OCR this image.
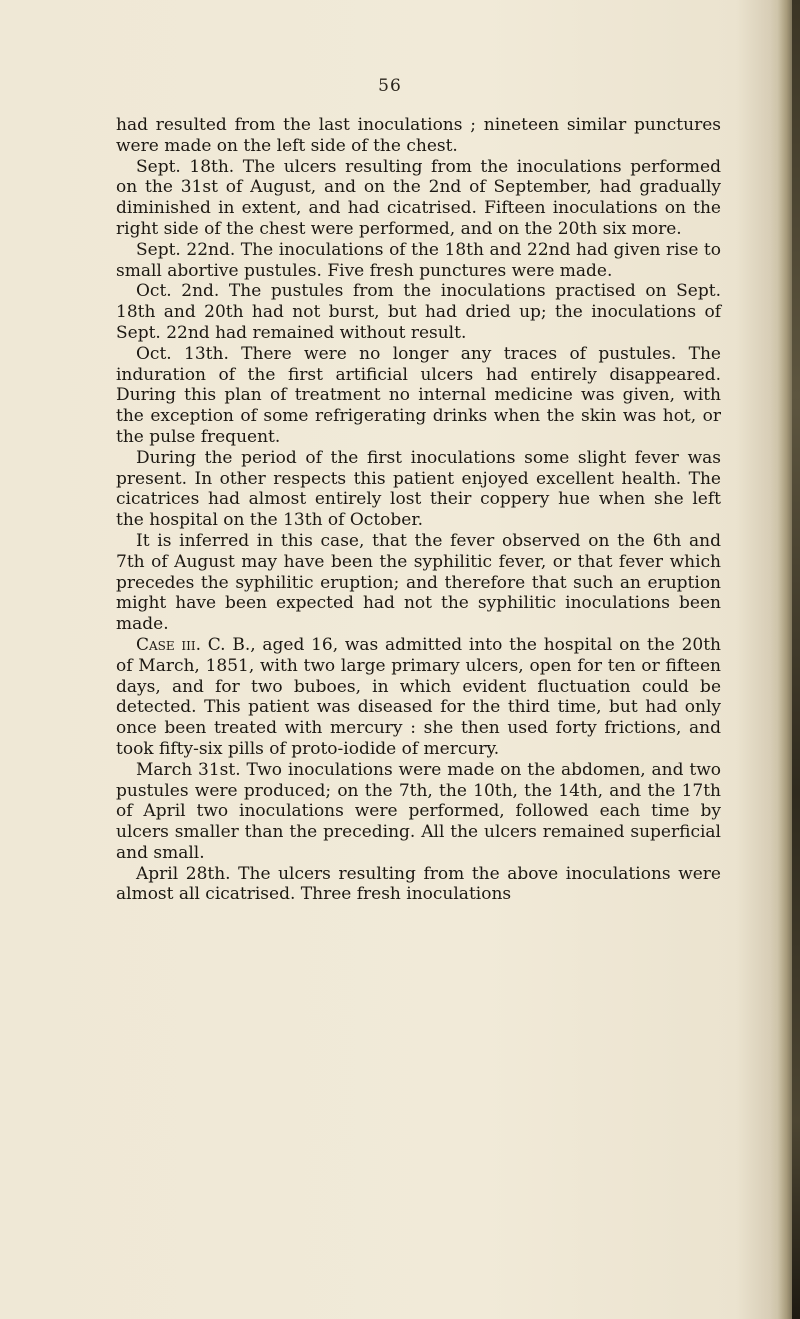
56

had resulted from the last inoculations ; nineteen similar punctures were made on the left side of the chest.

Sept. 18th. The ulcers resulting from the inoculations performed on the 31st of August, and on the 2nd of September, had gradually diminished in extent, and had cicatrised. Fifteen inoculations on the right side of the chest were performed, and on the 20th six more.

Sept. 22nd. The inoculations of the 18th and 22nd had given rise to small abortive pustules. Five fresh punctures were made.

Oct. 2nd. The pustules from the inoculations practised on Sept. 18th and 20th had not burst, but had dried up; the inoculations of Sept. 22nd had remained without result.

Oct. 13th. There were no longer any traces of pustules. The induration of the first artificial ulcers had entirely disappeared. During this plan of treatment no internal medicine was given, with the exception of some refrigerating drinks when the skin was hot, or the pulse frequent.

During the period of the first inoculations some slight fever was present. In other respects this patient enjoyed excellent health. The cicatrices had almost entirely lost their coppery hue when she left the hospital on the 13th of October.

It is inferred in this case, that the fever observed on the 6th and 7th of August may have been the syphilitic fever, or that fever which precedes the syphilitic eruption; and therefore that such an eruption might have been expected had not the syphilitic inoculations been made.

Case iii. C. B., aged 16, was admitted into the hospital on the 20th of March, 1851, with two large primary ulcers, open for ten or fifteen days, and for two buboes, in which evident fluctuation could be detected. This patient was diseased for the third time, but had only once been treated with mercury : she then used forty frictions, and took fifty-six pills of proto-iodide of mercury.

March 31st. Two inoculations were made on the abdomen, and two pustules were produced; on the 7th, the 10th, the 14th, and the 17th of April two inoculations were performed, followed each time by ulcers smaller than the preceding. All the ulcers remained superficial and small.

April 28th. The ulcers resulting from the above inoculations were almost all cicatrised. Three fresh inoculations
